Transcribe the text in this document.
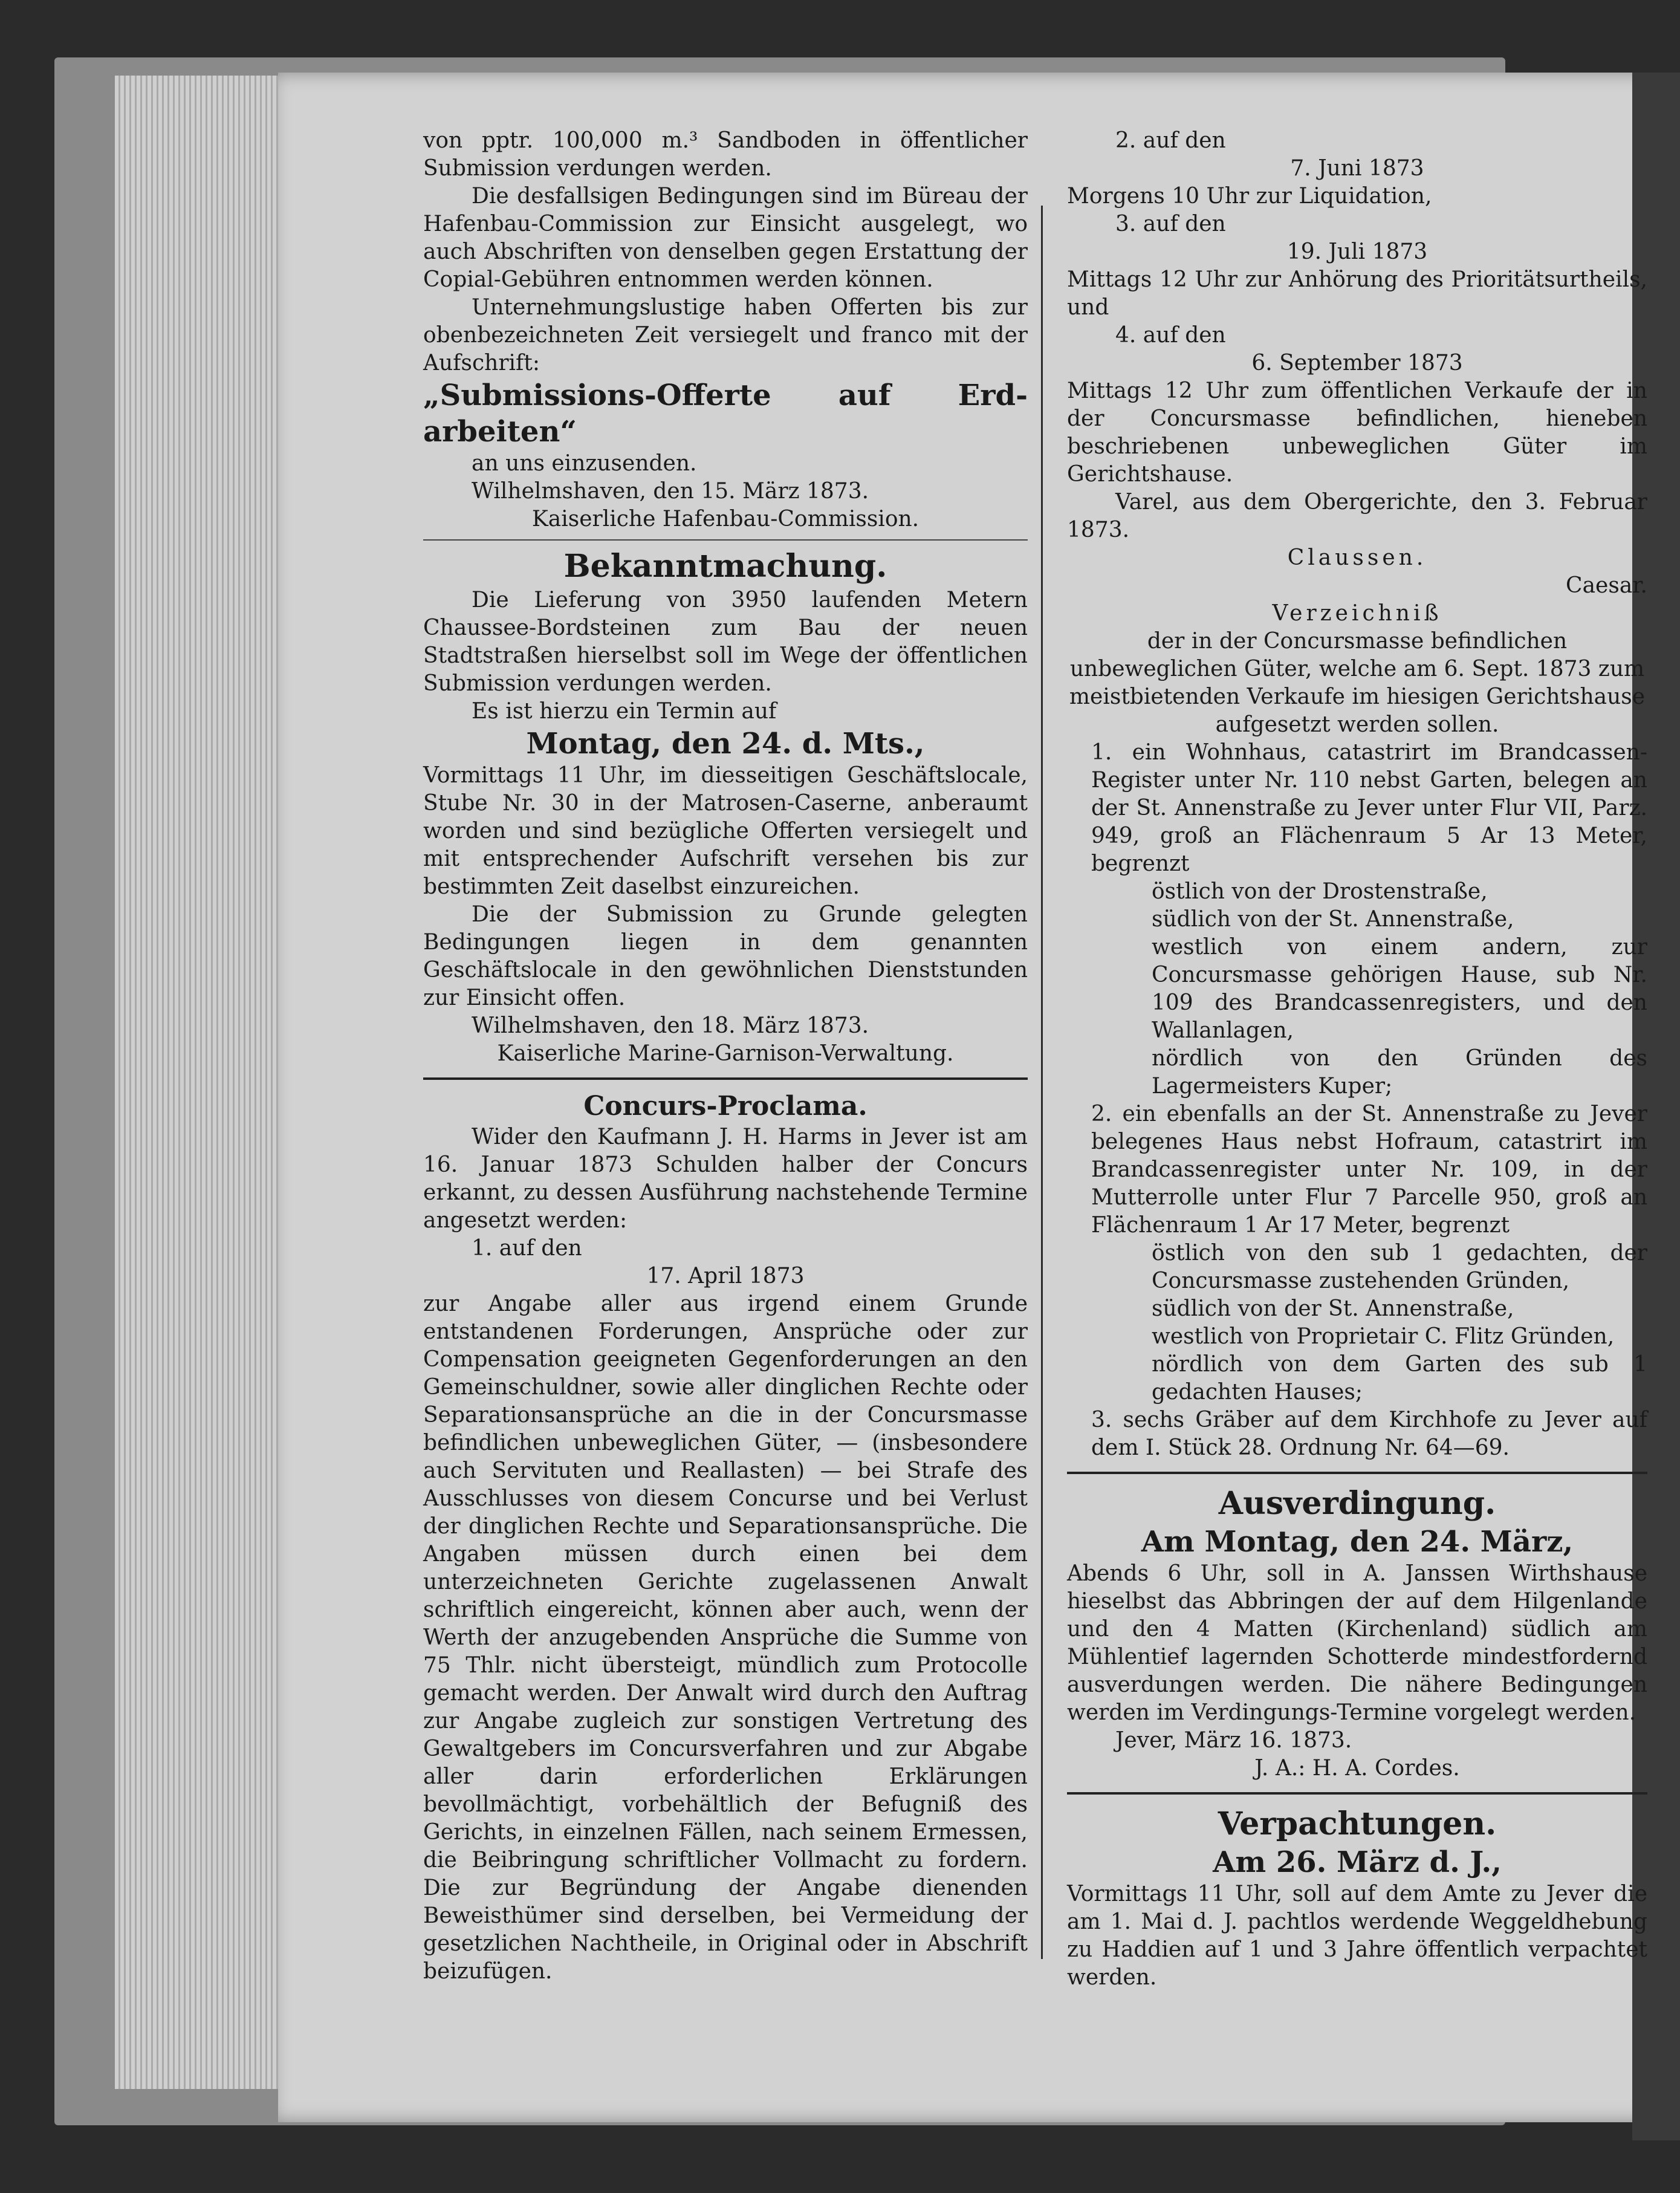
von pptr. 100,000 m.³ Sandboden in öffentlicher Submission verdungen werden.

Die desfallsigen Bedingungen sind im Büreau der Hafenbau-Commission zur Einsicht ausgelegt, wo auch Abschriften von denselben gegen Erstattung der Copial-Gebühren entnommen werden können.

Unternehmungslustige haben Offerten bis zur obenbezeichneten Zeit versiegelt und franco mit der Aufschrift:

„Submissions-Offerte auf Erd-arbeiten“

an uns einzusenden.

Wilhelmshaven, den 15. März 1873.

Kaiserliche Hafenbau-Commission.

Bekanntmachung.

Die Lieferung von 3950 laufenden Metern Chaussee-Bordsteinen zum Bau der neuen Stadtstraßen hierselbst soll im Wege der öffentlichen Submission verdungen werden.

Es ist hierzu ein Termin auf

Montag, den 24. d. Mts.,

Vormittags 11 Uhr, im diesseitigen Geschäftslocale, Stube Nr. 30 in der Matrosen-Caserne, anberaumt worden und sind bezügliche Offerten versiegelt und mit entsprechender Aufschrift versehen bis zur bestimmten Zeit daselbst einzureichen.

Die der Submission zu Grunde gelegten Bedingungen liegen in dem genannten Geschäftslocale in den gewöhnlichen Dienststunden zur Einsicht offen.

Wilhelmshaven, den 18. März 1873.

Kaiserliche Marine-Garnison-Verwaltung.

Concurs-Proclama.

Wider den Kaufmann J. H. Harms in Jever ist am 16. Januar 1873 Schulden halber der Concurs erkannt, zu dessen Ausführung nachstehende Termine angesetzt werden:

1. auf den

17. April 1873

zur Angabe aller aus irgend einem Grunde entstandenen Forderungen, Ansprüche oder zur Compensation geeigneten Gegenforderungen an den Gemeinschuldner, sowie aller dinglichen Rechte oder Separationsansprüche an die in der Concursmasse befindlichen unbeweglichen Güter, — (insbesondere auch Servituten und Reallasten) — bei Strafe des Ausschlusses von diesem Concurse und bei Verlust der dinglichen Rechte und Separationsansprüche. Die Angaben müssen durch einen bei dem unterzeichneten Gerichte zugelassenen Anwalt schriftlich eingereicht, können aber auch, wenn der Werth der anzugebenden Ansprüche die Summe von 75 Thlr. nicht übersteigt, mündlich zum Protocolle gemacht werden. Der Anwalt wird durch den Auftrag zur Angabe zugleich zur sonstigen Vertretung des Gewaltgebers im Concursverfahren und zur Abgabe aller darin erforderlichen Erklärungen bevollmächtigt, vorbehältlich der Befugniß des Gerichts, in einzelnen Fällen, nach seinem Ermessen, die Beibringung schriftlicher Vollmacht zu fordern. Die zur Begründung der Angabe dienenden Beweisthümer sind derselben, bei Vermeidung der gesetzlichen Nachtheile, in Original oder in Abschrift beizufügen.

2. auf den

7. Juni 1873

Morgens 10 Uhr zur Liquidation,

3. auf den

19. Juli 1873

Mittags 12 Uhr zur Anhörung des Prioritätsurtheils, und

4. auf den

6. September 1873

Mittags 12 Uhr zum öffentlichen Verkaufe der in der Concursmasse befindlichen, hieneben beschriebenen unbeweglichen Güter im Gerichtshause.

Varel, aus dem Obergerichte, den 3. Februar 1873.

Claussen.

Caesar.

Verzeichniß

der in der Concursmasse befindlichen unbeweglichen Güter, welche am 6. Sept. 1873 zum meistbietenden Verkaufe im hiesigen Gerichtshause aufgesetzt werden sollen.

1. ein Wohnhaus, catastrirt im Brandcassen-Register unter Nr. 110 nebst Garten, belegen an der St. Annenstraße zu Jever unter Flur VII, Parz. 949, groß an Flächenraum 5 Ar 13 Meter, begrenzt

östlich von der Drostenstraße,

südlich von der St. Annenstraße,

westlich von einem andern, zur Concursmasse gehörigen Hause, sub Nr. 109 des Brandcassenregisters, und den Wallanlagen,

nördlich von den Gründen des Lagermeisters Kuper;

2. ein ebenfalls an der St. Annenstraße zu Jever belegenes Haus nebst Hofraum, catastrirt im Brandcassenregister unter Nr. 109, in der Mutterrolle unter Flur 7 Parcelle 950, groß an Flächenraum 1 Ar 17 Meter, begrenzt

östlich von den sub 1 gedachten, der Concursmasse zustehenden Gründen,

südlich von der St. Annenstraße,

westlich von Proprietair C. Flitz Gründen,

nördlich von dem Garten des sub 1 gedachten Hauses;

3. sechs Gräber auf dem Kirchhofe zu Jever auf dem I. Stück 28. Ordnung Nr. 64—69.

Ausverdingung.

Am Montag, den 24. März,

Abends 6 Uhr, soll in A. Janssen Wirthshause hieselbst das Abbringen der auf dem Hilgenlande und den 4 Matten (Kirchenland) südlich am Mühlentief lagernden Schotterde mindestfordernd ausverdungen werden. Die nähere Bedingungen werden im Verdingungs-Termine vorgelegt werden.

Jever, März 16. 1873.

J. A.: H. A. Cordes.

Verpachtungen.

Am 26. März d. J.,

Vormittags 11 Uhr, soll auf dem Amte zu Jever die am 1. Mai d. J. pachtlos werdende Weggeldhebung zu Haddien auf 1 und 3 Jahre öffentlich verpachtet werden.
